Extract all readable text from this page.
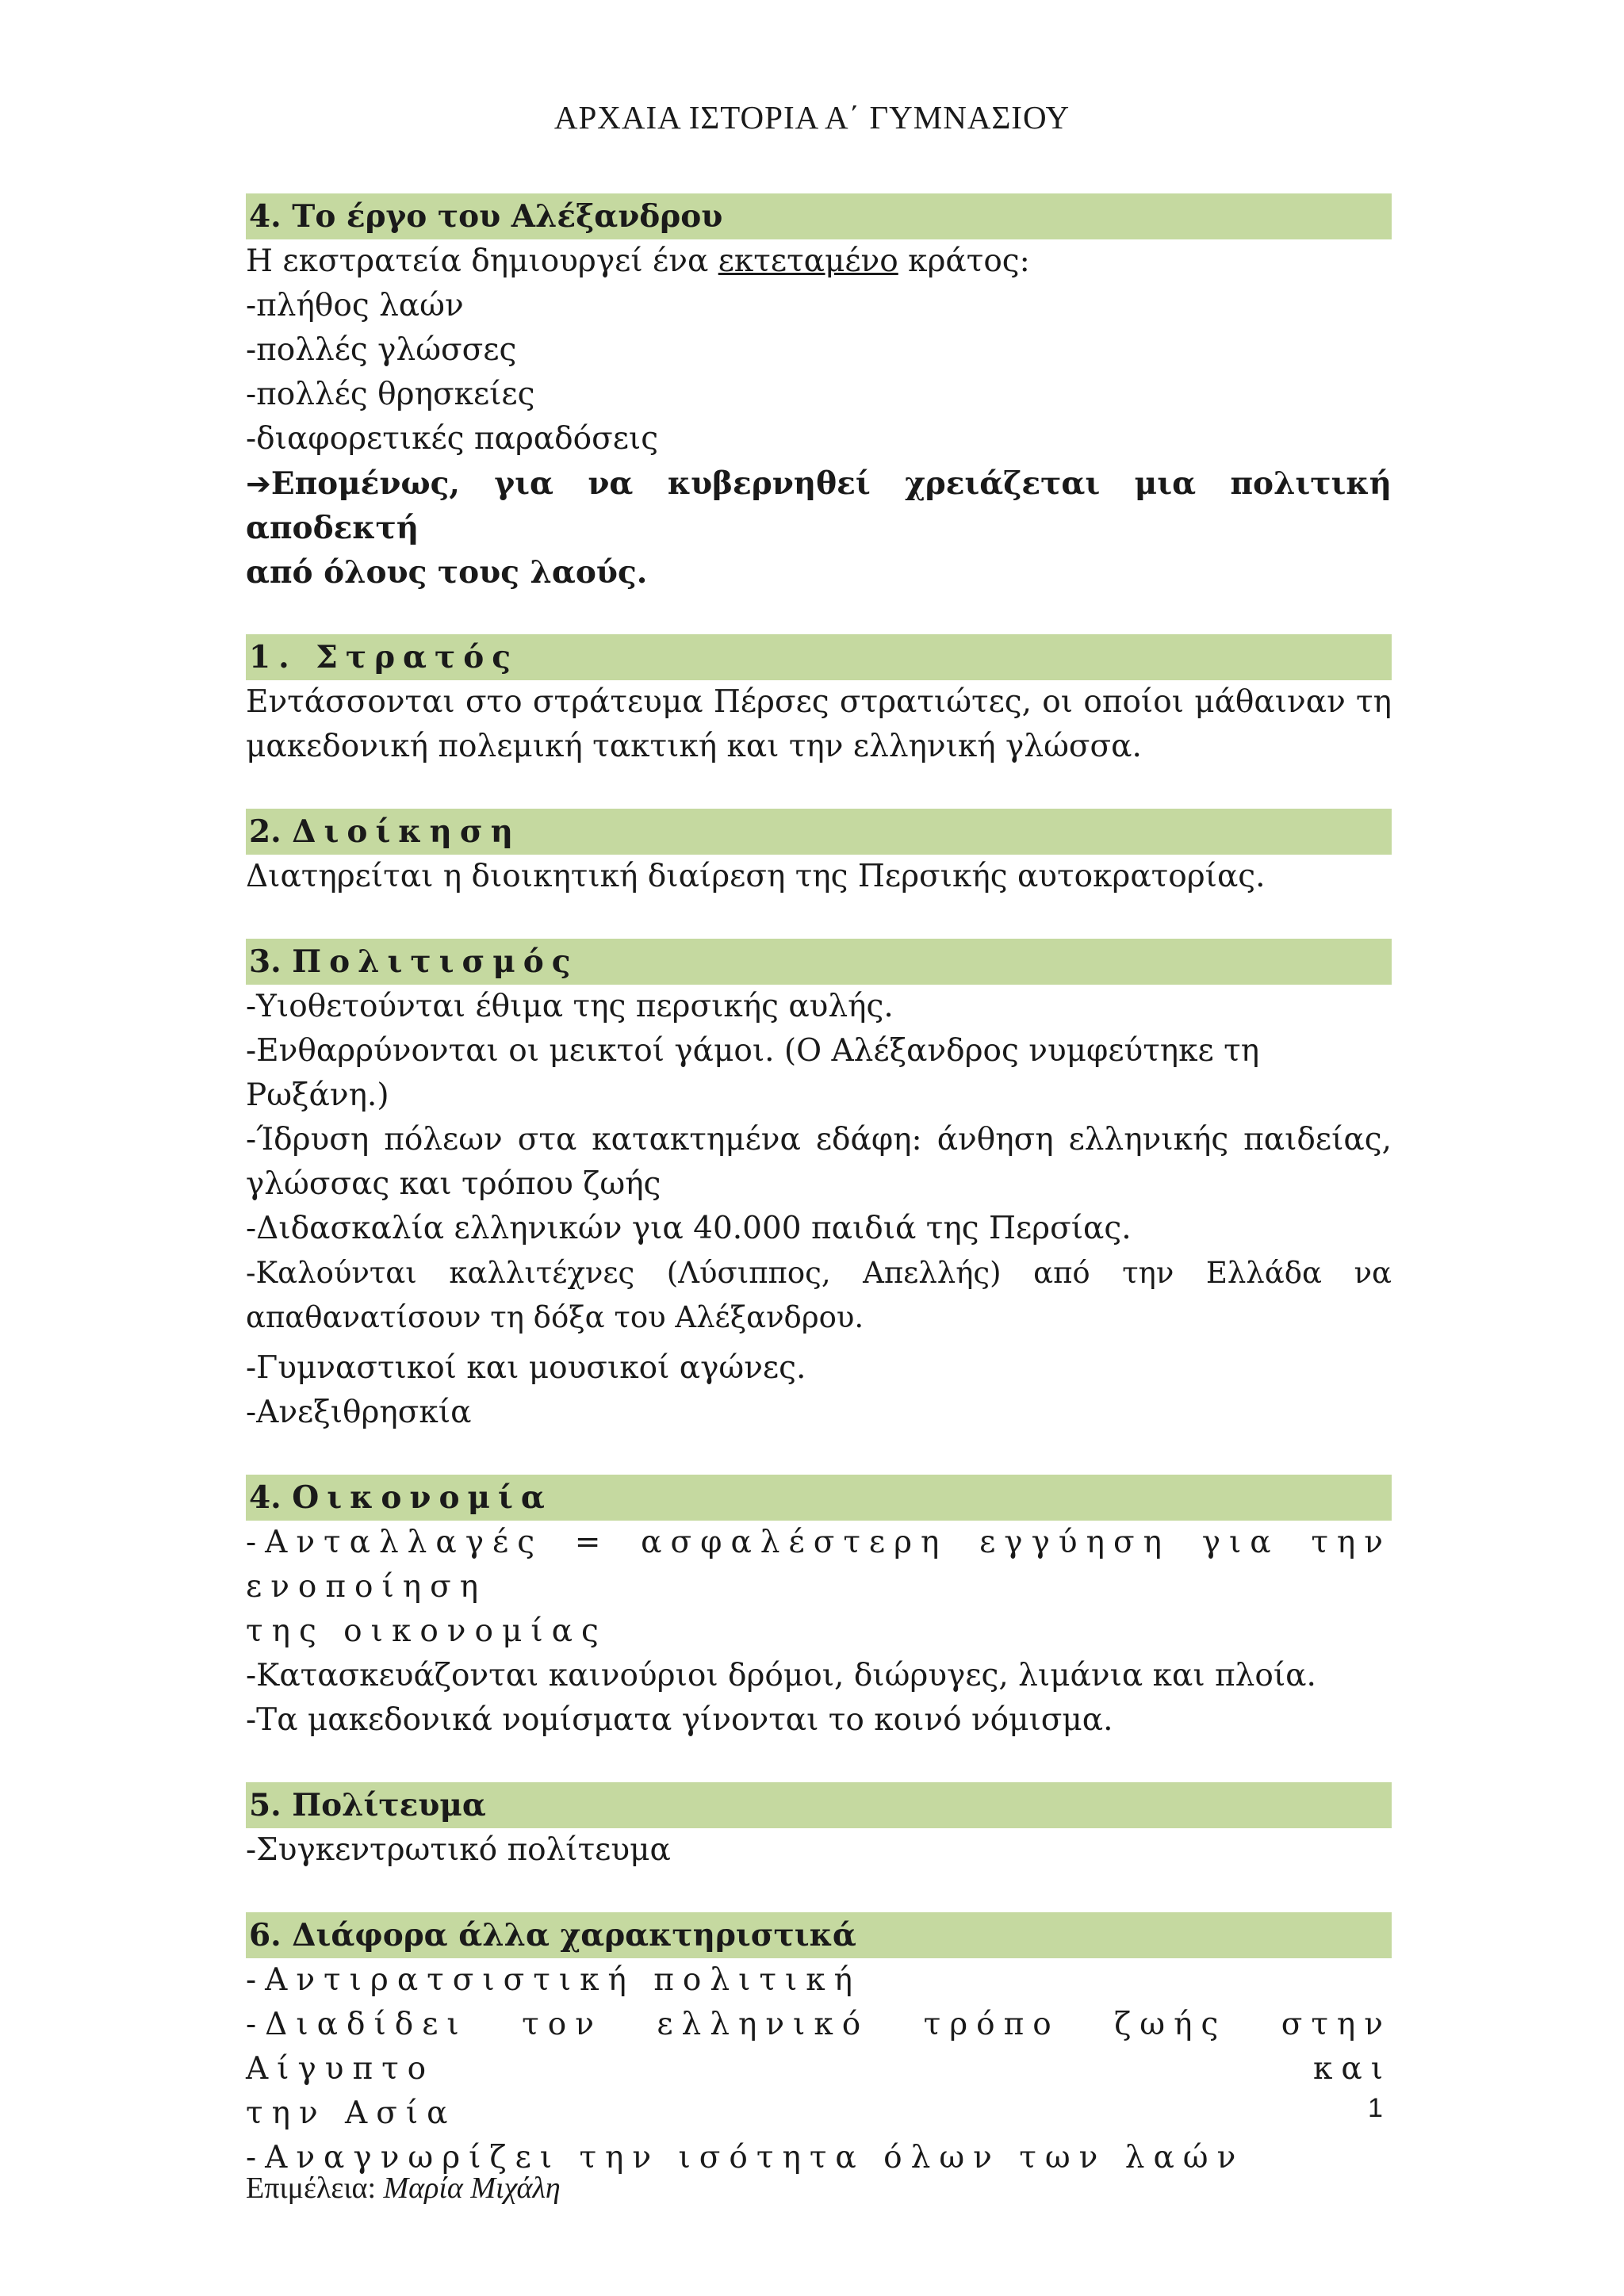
ΑΡΧΑΙΑ ΙΣΤΟΡΙΑ Α΄ ΓΥΜΝΑΣΙΟΥ
4. Το έργο του Αλέξανδρου

Η εκστρατεία δημιουργεί ένα εκτεταμένο κράτος:

-πλήθος λαών

-πολλές γλώσσες

-πολλές θρησκείες

-διαφορετικές παραδόσεις

➔Επομένως, για να κυβερνηθεί χρειάζεται μια πολιτική αποδεκτή

από όλους τους λαούς.

1. Στρατός

Εντάσσονται στο στράτευμα Πέρσες στρατιώτες, οι οποίοι μάθαιναν τη

μακεδονική πολεμική τακτική και την ελληνική γλώσσα.

2. Διοίκηση

Διατηρείται η διοικητική διαίρεση της Περσικής αυτοκρατορίας.

3. Πολιτισμός

-Υιοθετούνται έθιμα της περσικής αυλής.

-Ενθαρρύνονται οι μεικτοί γάμοι. (Ο Αλέξανδρος νυμφεύτηκε τη Ρωξάνη.)

-Ίδρυση πόλεων στα κατακτημένα εδάφη: άνθηση ελληνικής παιδείας,

γλώσσας και τρόπου ζωής

-Διδασκαλία ελληνικών για 40.000 παιδιά της Περσίας.

-Καλούνται καλλιτέχνες (Λύσιππος, Απελλής) από την Ελλάδα να

απαθανατίσουν τη δόξα του Αλέξανδρου.

-Γυμναστικοί και μουσικοί αγώνες.

-Ανεξιθρησκία

4. Οικονομία

-Ανταλλαγές = ασφαλέστερη εγγύηση για την ενοποίηση

της οικονομίας

-Κατασκευάζονται καινούριοι δρόμοι, διώρυγες, λιμάνια και πλοία.

-Τα μακεδονικά νομίσματα γίνονται το κοινό νόμισμα.

5. Πολίτευμα

-Συγκεντρωτικό πολίτευμα

6. Διάφορα άλλα χαρακτηριστικά

-Αντιρατσιστική πολιτική

-Διαδίδει τον ελληνικό τρόπο ζωής στην Αίγυπτο και

την Ασία

-Αναγνωρίζει την ισότητα όλων των λαών

1
Επιμέλεια: Μαρία Μιχάλη
